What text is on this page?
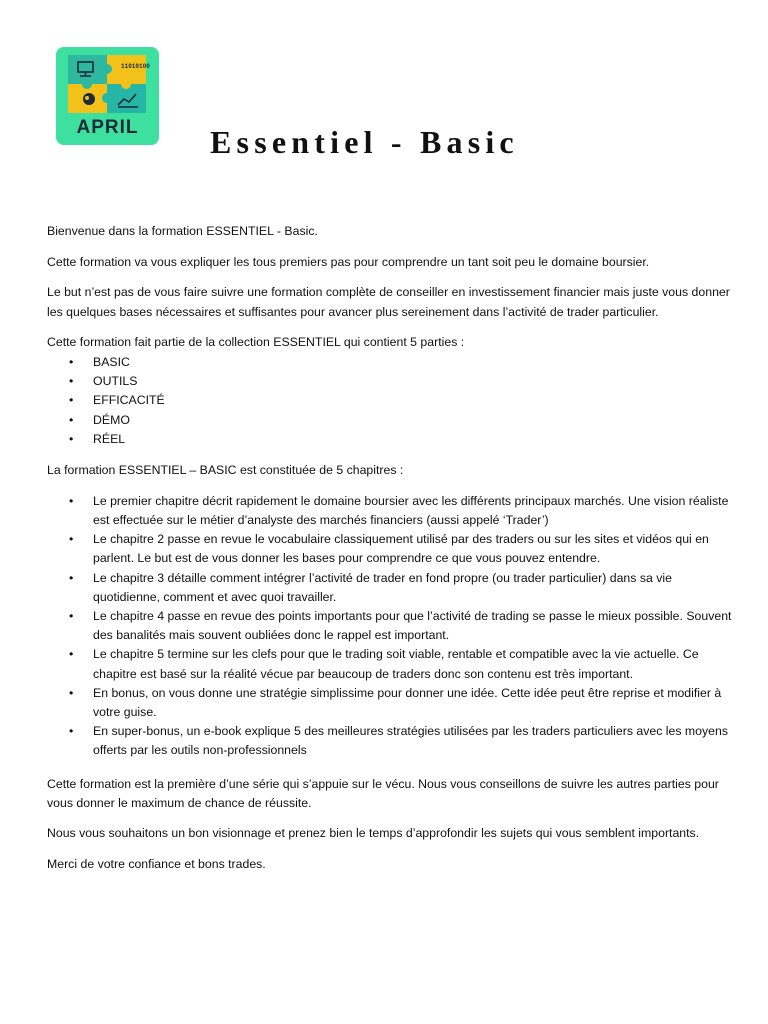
11010100
APRIL	Essentiel - Basic

Bienvenue dans la formation ESSENTIEL - Basic.

Cette formation va vous expliquer les tous premiers pas pour comprendre un tant soit peu le domaine boursier.

Le but n’est pas de vous faire suivre une formation complète de conseiller en investissement financier mais juste vous donner les quelques bases nécessaires et suffisantes pour avancer plus sereinement dans l’activité de trader particulier.

Cette formation fait partie de la collection ESSENTIEL qui contient 5 parties :

• BASIC
• OUTILS
• EFFICACITÉ
• DÉMO
• RÉEL

La formation ESSENTIEL – BASIC est constituée de 5 chapitres :

• Le premier chapitre décrit rapidement le domaine boursier avec les différents principaux marchés. Une vision réaliste est effectuée sur le métier d’analyste des marchés financiers (aussi appelé ‘Trader’)
• Le chapitre 2 passe en revue le vocabulaire classiquement utilisé par des traders ou sur les sites et vidéos qui en parlent. Le but est de vous donner les bases pour comprendre ce que vous pouvez entendre.
• Le chapitre 3 détaille comment intégrer l’activité de trader en fond propre (ou trader particulier) dans sa vie quotidienne, comment et avec quoi travailler.
• Le chapitre 4 passe en revue des points importants pour que l’activité de trading se passe le mieux possible. Souvent des banalités mais souvent oubliées donc le rappel est important.
• Le chapitre 5 termine sur les clefs pour que le trading soit viable, rentable et compatible avec la vie actuelle. Ce chapitre est basé sur la réalité vécue par beaucoup de traders donc son contenu est très important.
• En bonus, on vous donne une stratégie simplissime pour donner une idée. Cette idée peut être reprise et modifier à votre guise.
• En super-bonus, un e-book explique 5 des meilleures stratégies utilisées par les traders particuliers avec les moyens offerts par les outils non-professionnels

Cette formation est la première d’une série qui s’appuie sur le vécu. Nous vous conseillons de suivre les autres parties pour vous donner le maximum de chance de réussite.

Nous vous souhaitons un bon visionnage et prenez bien le temps d’approfondir les sujets qui vous semblent importants.

Merci de votre confiance et bons trades.
